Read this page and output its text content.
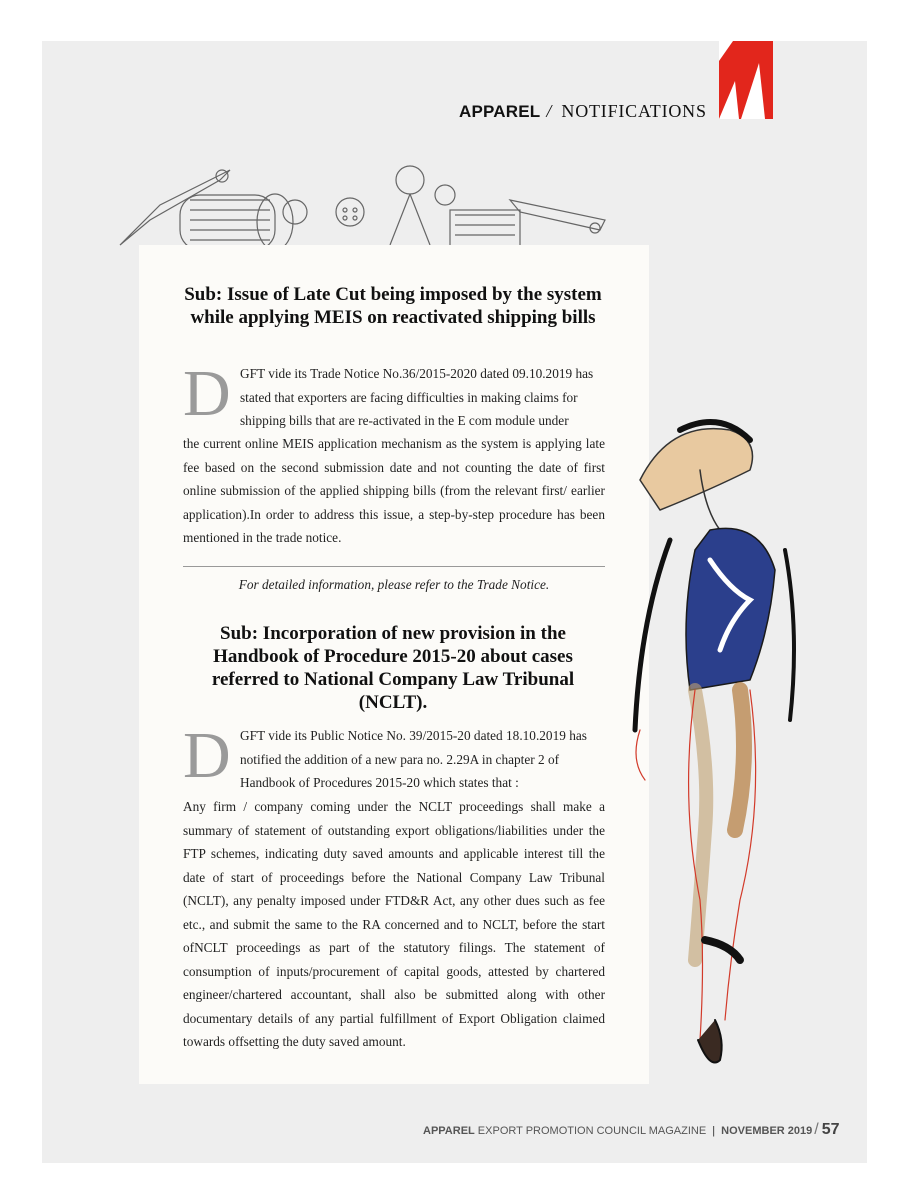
APPAREL / NOTIFICATIONS
Sub: Issue of Late Cut being imposed by the system while applying MEIS on reactivated shipping bills
D GFT vide its Trade Notice No.36/2015-2020 dated 09.10.2019 has

stated that exporters are facing difficulties in making claims for

shipping bills that are re-activated in the E com module under

the current online MEIS application mechanism as the system is applying late fee based on the second submission date and not counting the date of first online submission of the applied shipping bills (from the relevant first/ earlier application).In order to address this issue, a step-by-step procedure has been mentioned in the trade notice.

For detailed information, please refer to the Trade Notice.
Sub: Incorporation of new provision in the Handbook of Procedure 2015-20 about cases referred to National Company Law Tribunal (NCLT).
D GFT vide its Public Notice No. 39/2015-20 dated 18.10.2019 has

notified the addition of a new para no. 2.29A in chapter 2 of

Handbook of Procedures 2015-20 which states that :

Any firm / company coming under the NCLT proceedings shall make a summary of statement of outstanding export obligations/liabilities under the FTP schemes, indicating duty saved amounts and applicable interest till the date of start of proceedings before the National Company Law Tribunal (NCLT), any penalty imposed under FTD&R Act, any other dues such as fee etc., and submit the same to the RA concerned and to NCLT, before the start ofNCLT proceedings as part of the statutory filings. The statement of consumption of inputs/procurement of capital goods, attested by chartered engineer/chartered accountant, shall also be submitted along with other documentary details of any partial fulfillment of Export Obligation claimed towards offsetting the duty saved amount.

APPAREL EXPORT PROMOTION COUNCIL MAGAZINE | NOVEMBER 2019 / 57
